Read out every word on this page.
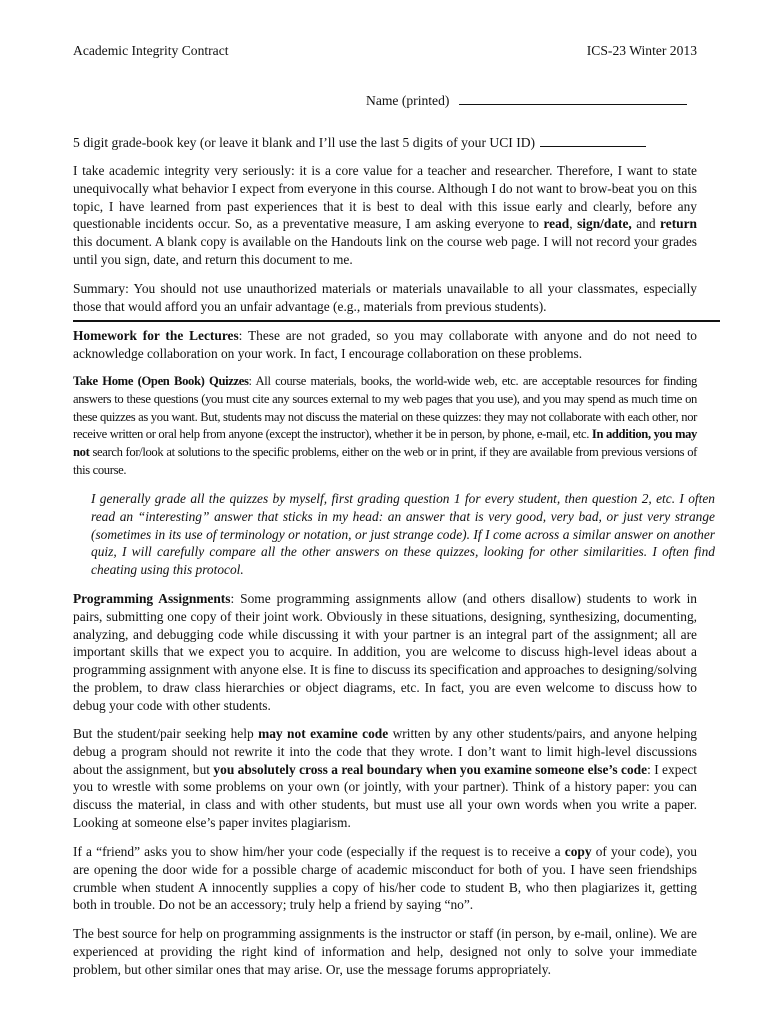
Academic Integrity Contract	ICS-23 Winter 2013
Name (printed)
5 digit grade-book key (or leave it blank and I’ll use the last 5 digits of your UCI ID)

I take academic integrity very seriously: it is a core value for a teacher and researcher. Therefore, I want to state unequivocally what behavior I expect from everyone in this course. Although I do not want to brow-beat you on this topic, I have learned from past experiences that it is best to deal with this issue early and clearly, before any questionable incidents occur. So, as a preventative measure, I am asking everyone to read, sign/date, and return this document. A blank copy is available on the Handouts link on the course web page. I will not record your grades until you sign, date, and return this document to me.

Summary: You should not use unauthorized materials or materials unavailable to all your classmates, especially those that would afford you an unfair advantage (e.g., materials from previous students).

Homework for the Lectures: These are not graded, so you may collaborate with anyone and do not need to acknowledge collaboration on your work. In fact, I encourage collaboration on these problems.

Take Home (Open Book) Quizzes: All course materials, books, the world-wide web, etc. are acceptable resources for finding answers to these questions (you must cite any sources external to my web pages that you use), and you may spend as much time on these quizzes as you want. But, students may not discuss the material on these quizzes: they may not collaborate with each other, nor receive written or oral help from anyone (except the instructor), whether it be in person, by phone, e-mail, etc. In addition, you may not search for/look at solutions to the specific problems, either on the web or in print, if they are available from previous versions of this course.

I generally grade all the quizzes by myself, first grading question 1 for every student, then question 2, etc. I often read an “interesting” answer that sticks in my head: an answer that is very good, very bad, or just very strange (sometimes in its use of terminology or notation, or just strange code). If I come across a similar answer on another quiz, I will carefully compare all the other answers on these quizzes, looking for other similarities. I often find cheating using this protocol.

Programming Assignments: Some programming assignments allow (and others disallow) students to work in pairs, submitting one copy of their joint work. Obviously in these situations, designing, synthesizing, documenting, analyzing, and debugging code while discussing it with your partner is an integral part of the assignment; all are important skills that we expect you to acquire. In addition, you are welcome to discuss high-level ideas about a programming assignment with anyone else. It is fine to discuss its specification and approaches to designing/solving the problem, to draw class hierarchies or object diagrams, etc. In fact, you are even welcome to discuss how to debug your code with other students.

But the student/pair seeking help may not examine code written by any other students/pairs, and anyone helping debug a program should not rewrite it into the code that they wrote. I don’t want to limit high-level discussions about the assignment, but you absolutely cross a real boundary when you examine someone else’s code: I expect you to wrestle with some problems on your own (or jointly, with your partner). Think of a history paper: you can discuss the material, in class and with other students, but must use all your own words when you write a paper. Looking at someone else’s paper invites plagiarism.

If a “friend” asks you to show him/her your code (especially if the request is to receive a copy of your code), you are opening the door wide for a possible charge of academic misconduct for both of you. I have seen friendships crumble when student A innocently supplies a copy of his/her code to student B, who then plagiarizes it, getting both in trouble. Do not be an accessory; truly help a friend by saying “no”.

The best source for help on programming assignments is the instructor or staff (in person, by e-mail, online). We are experienced at providing the right kind of information and help, designed not only to solve your immediate problem, but other similar ones that may arise. Or, use the message forums appropriately.
